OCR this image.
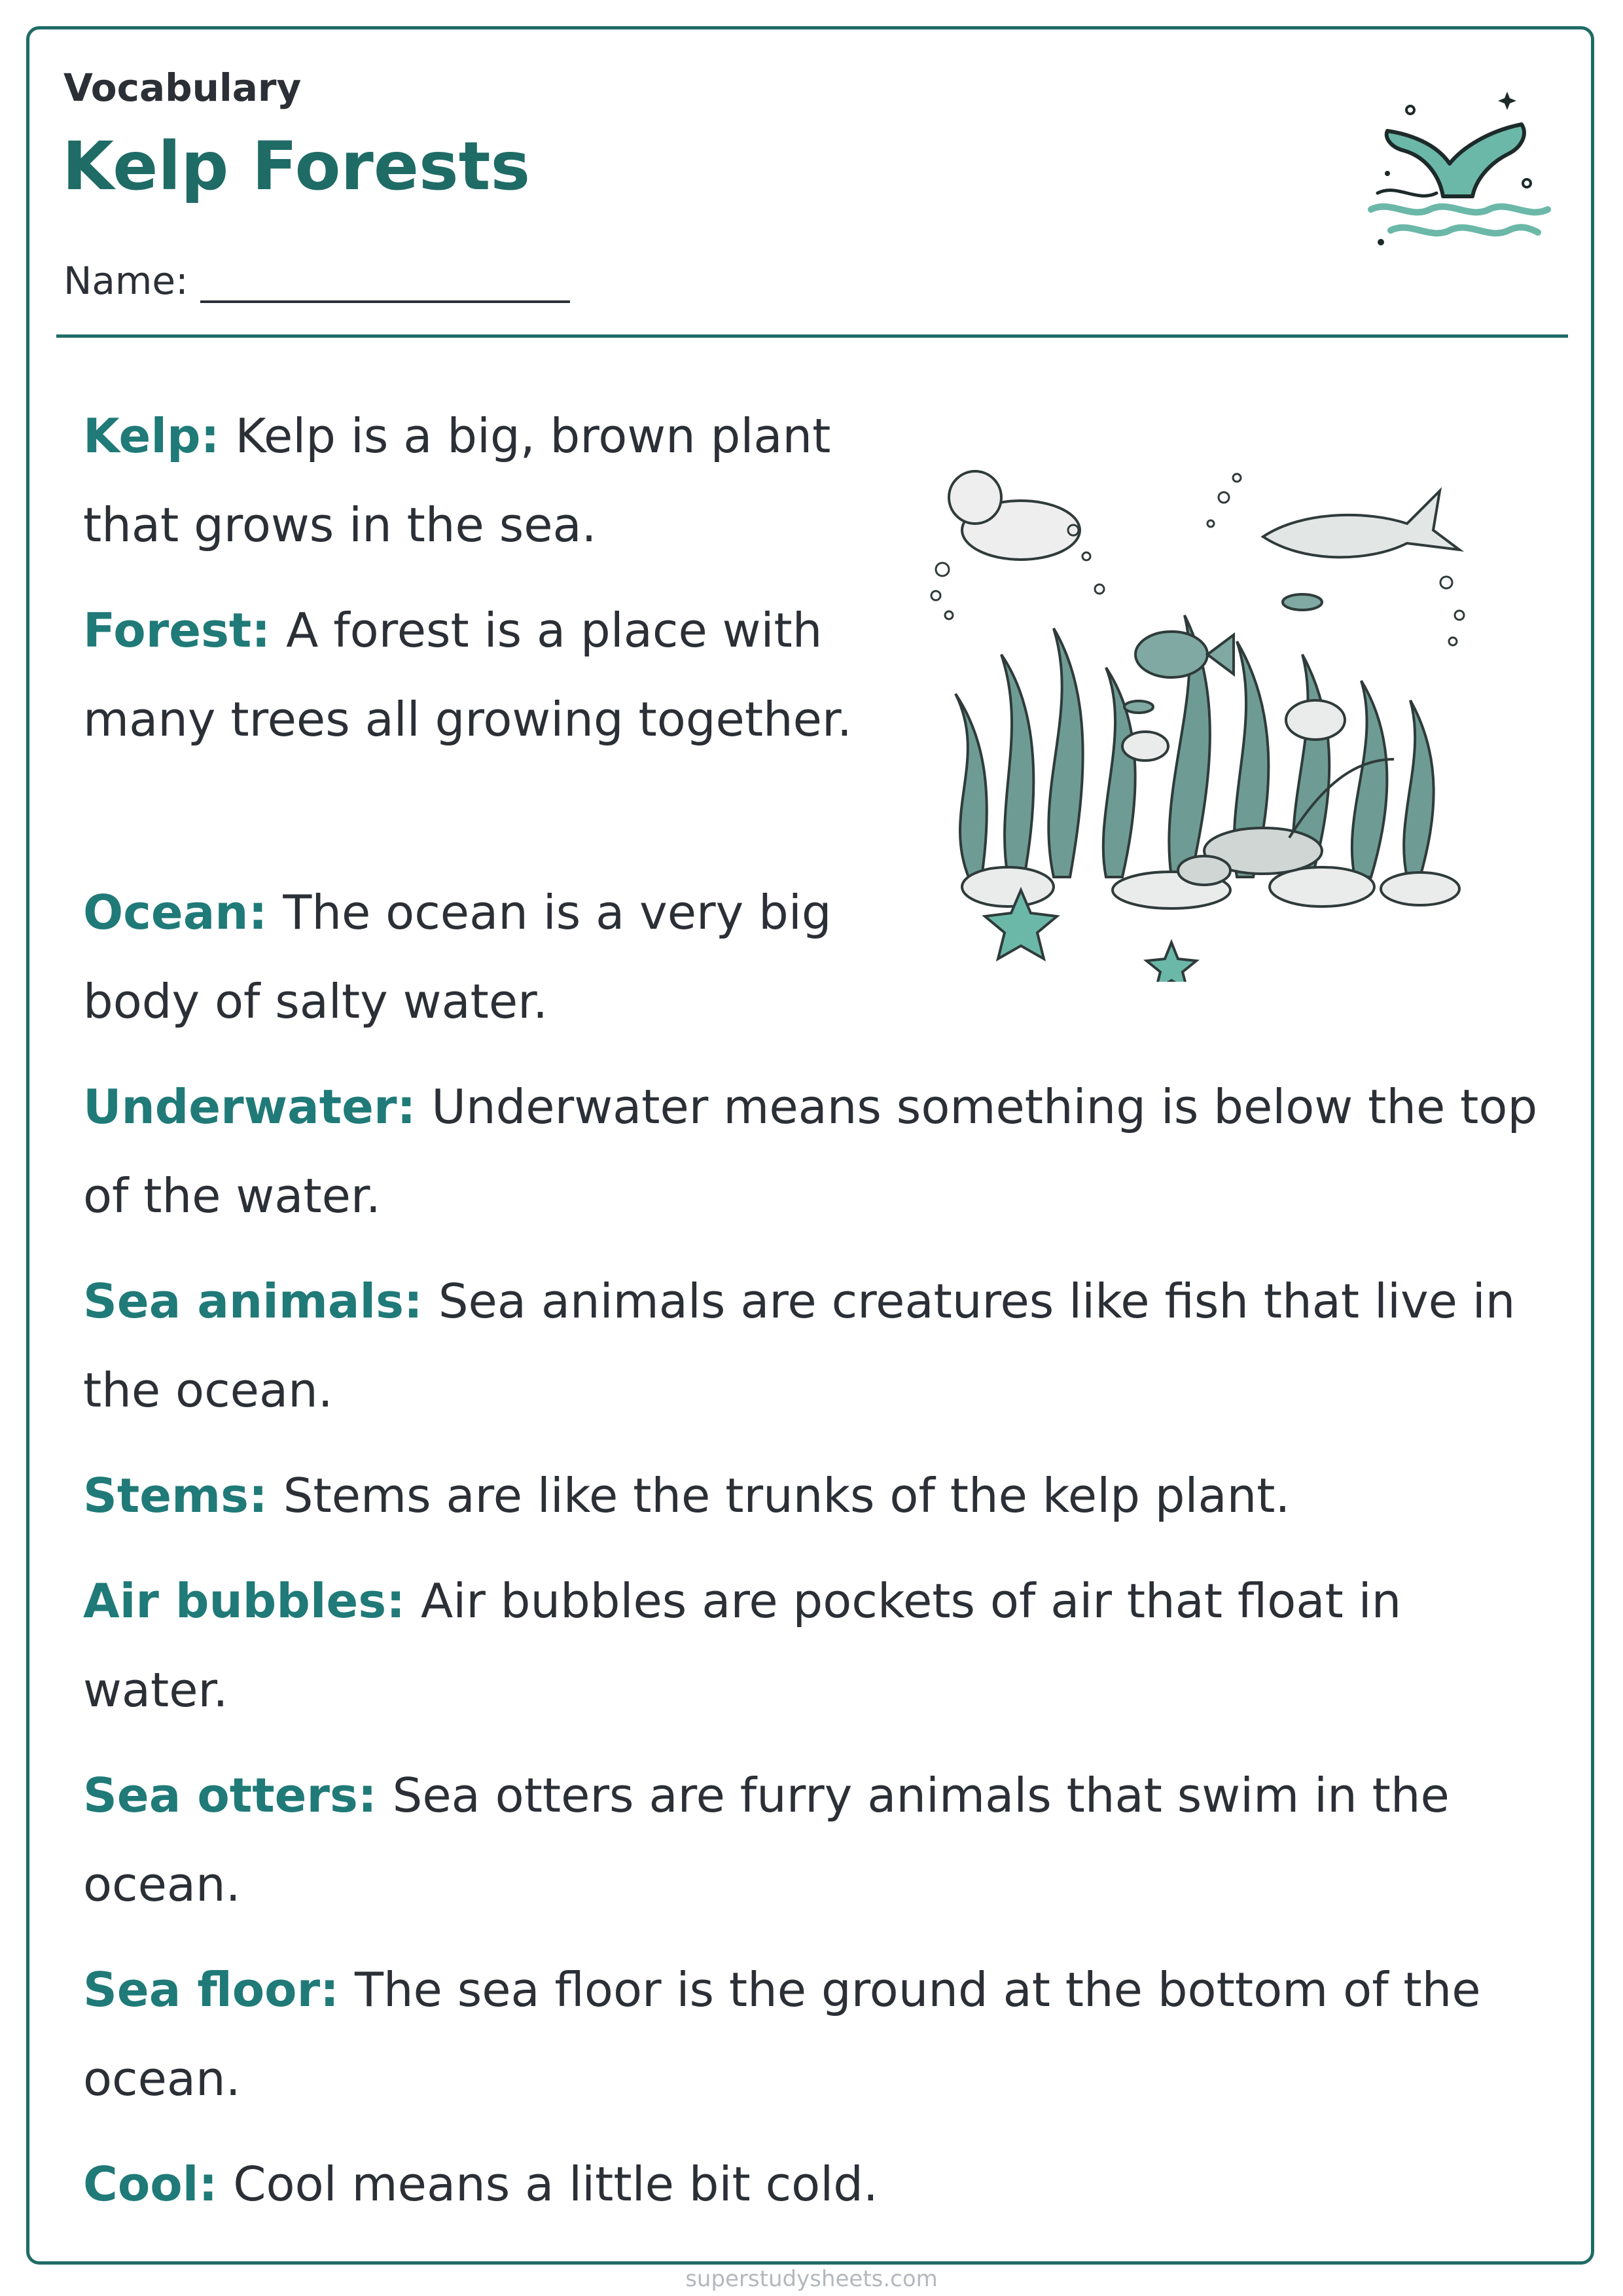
Vocabulary
Kelp Forests
Name:
Kelp: Kelp is a big, brown plant that grows in the sea.
Forest: A forest is a place with many trees all growing together.
Ocean: The ocean is a very big body of salty water.
Underwater: Underwater means something is below the top of the water.
Sea animals: Sea animals are creatures like fish that live in the ocean.
Stems: Stems are like the trunks of the kelp plant.
Air bubbles: Air bubbles are pockets of air that float in water.
Sea otters: Sea otters are furry animals that swim in the ocean.
Sea floor: The sea floor is the ground at the bottom of the ocean.
Cool: Cool means a little bit cold.
superstudysheets.com
